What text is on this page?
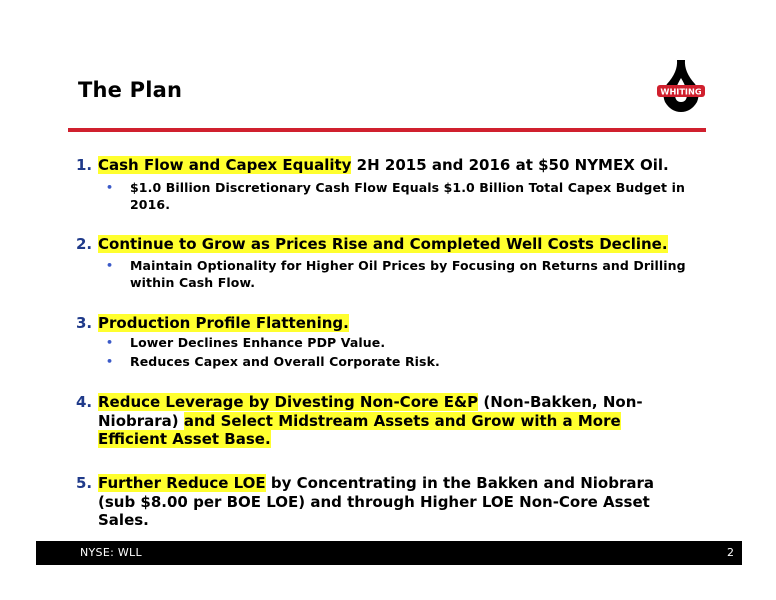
The Plan	WHITING
1. Cash Flow and Capex Equality 2H 2015 and 2016 at $50 NYMEX Oil.
• $1.0 Billion Discretionary Cash Flow Equals $1.0 Billion Total Capex Budget in 2016.
2. Continue to Grow as Prices Rise and Completed Well Costs Decline.
• Maintain Optionality for Higher Oil Prices by Focusing on Returns and Drilling within Cash Flow.
3. Production Profile Flattening.
• Lower Declines Enhance PDP Value.
• Reduces Capex and Overall Corporate Risk.
4. Reduce Leverage by Divesting Non-Core E&P (Non-Bakken, Non-Niobrara) and Select Midstream Assets and Grow with a More Efficient Asset Base.
5. Further Reduce LOE by Concentrating in the Bakken and Niobrara (sub $8.00 per BOE LOE) and through Higher LOE Non-Core Asset Sales.
NYSE: WLL	2
